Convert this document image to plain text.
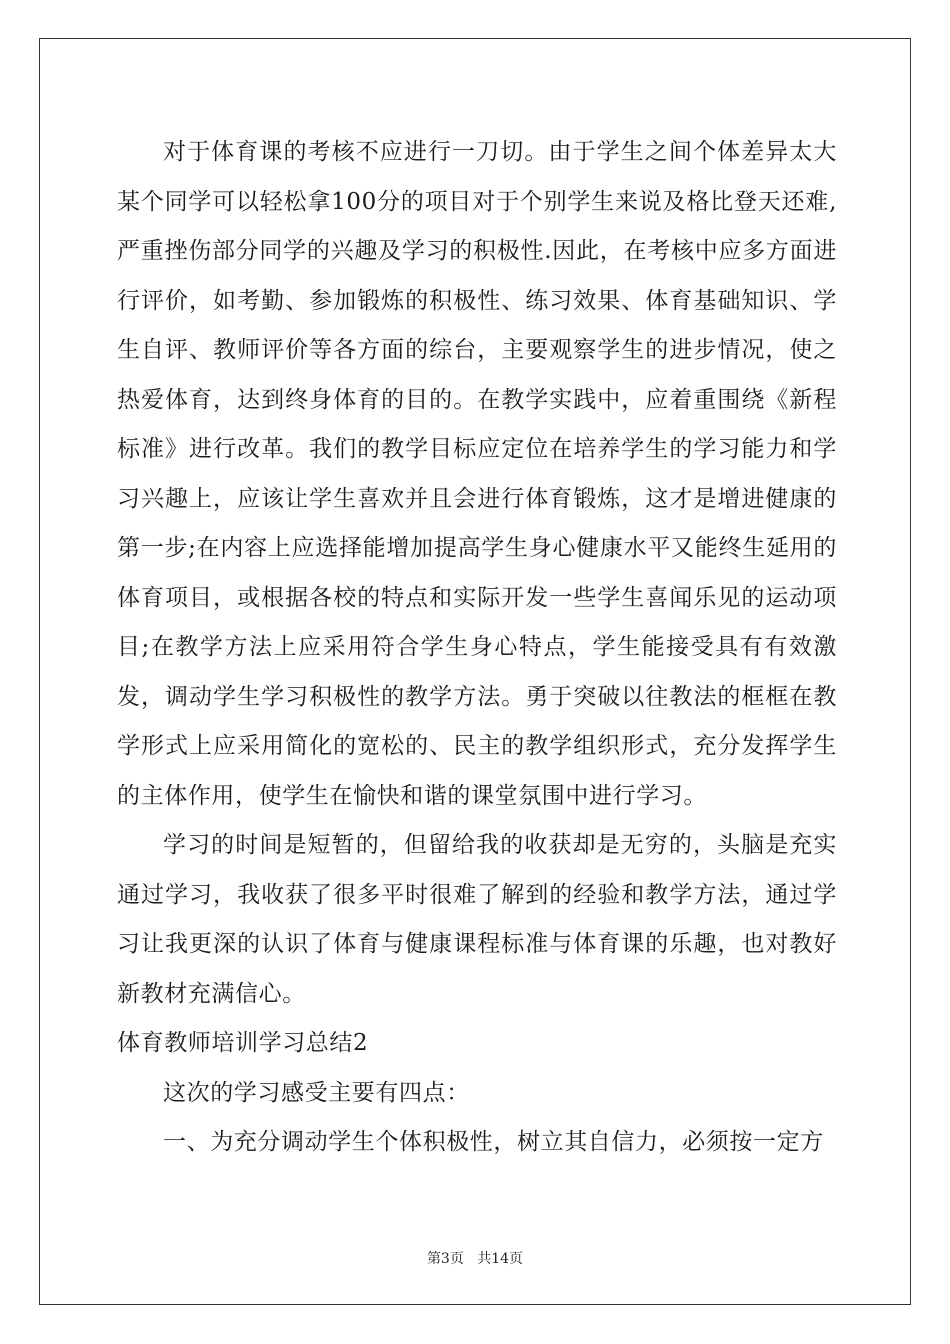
对于体育课的考核不应进行一刀切。由于学生之间个体差异太大某个同学可以轻松拿100分的项目对于个别学生来说及格比登天还难,严重挫伤部分同学的兴趣及学习的积极性.因此，在考核中应多方面进行评价，如考勤、参加锻炼的积极性、练习效果、体育基础知识、学生自评、教师评价等各方面的综台，主要观察学生的进步情况，使之热爱体育，达到终身体育的目的。在教学实践中，应着重围绕《新程标准》进行改革。我们的教学目标应定位在培养学生的学习能力和学习兴趣上，应该让学生喜欢并且会进行体育锻炼，这才是增进健康的第一步;在内容上应选择能增加提高学生身心健康水平又能终生延用的体育项目，或根据各校的特点和实际开发一些学生喜闻乐见的运动项目;在教学方法上应采用符合学生身心特点，学生能接受具有有效激发，调动学生学习积极性的教学方法。勇于突破以往教法的框框在教学形式上应采用简化的宽松的、民主的教学组织形式，充分发挥学生的主体作用，使学生在愉快和谐的课堂氛围中进行学习。

学习的时间是短暂的，但留给我的收获却是无穷的，头脑是充实通过学习，我收获了很多平时很难了解到的经验和教学方法，通过学习让我更深的认识了体育与健康课程标准与体育课的乐趣，也对教好新教材充满信心。

体育教师培训学习总结2

这次的学习感受主要有四点：

一、为充分调动学生个体积极性，树立其自信力，必须按一定方

第3页 共14页
